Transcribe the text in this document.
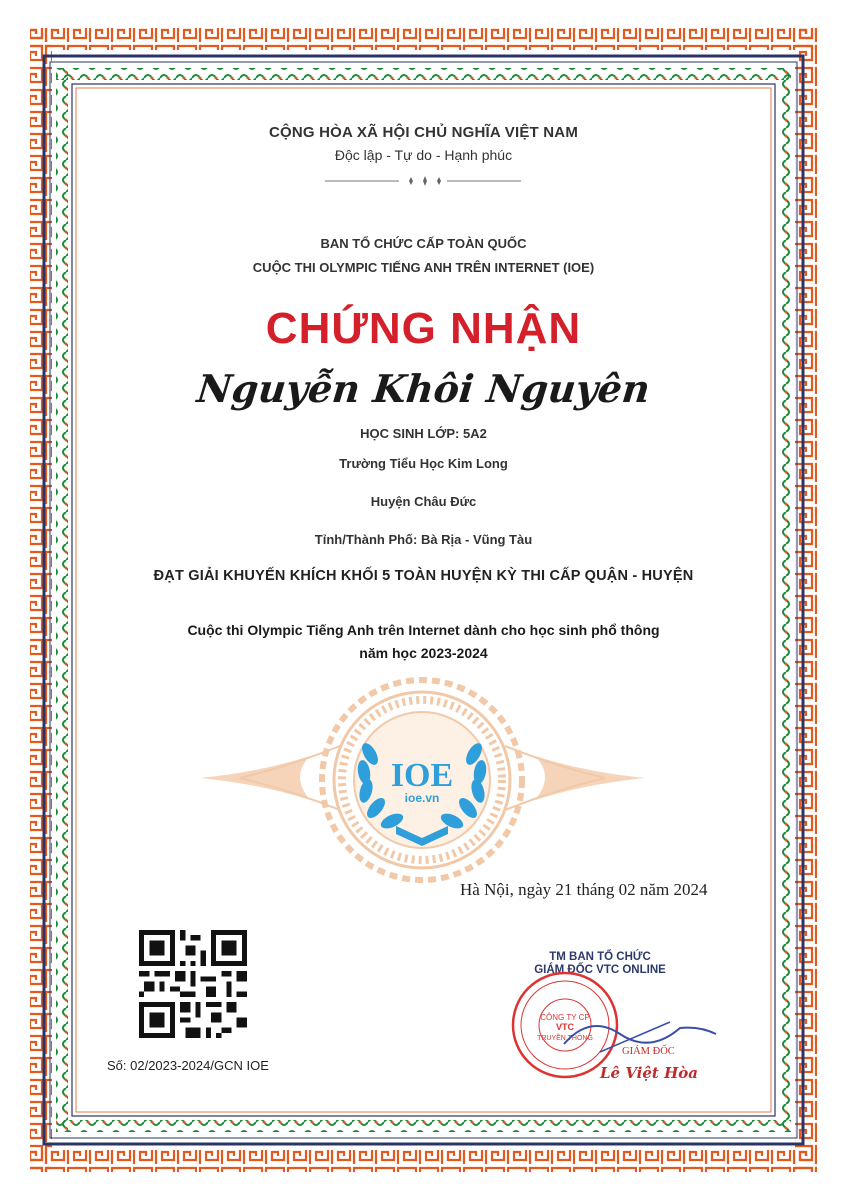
CỘNG HÒA XÃ HỘI CHỦ NGHĨA VIỆT NAM
Độc lập - Tự do - Hạnh phúc
BAN TỔ CHỨC CẤP TOÀN QUỐC
CUỘC THI OLYMPIC TIẾNG ANH TRÊN INTERNET (IOE)
CHỨNG NHẬN
Nguyễn Khôi Nguyên
HỌC SINH LỚP: 5A2
Trường Tiểu Học Kim Long
Huyện Châu Đức
Tỉnh/Thành Phố: Bà Rịa - Vũng Tàu
ĐẠT GIẢI KHUYẾN KHÍCH KHỐI 5 TOÀN HUYỆN KỲ THI CẤP QUẬN - HUYỆN
Cuộc thi Olympic Tiếng Anh trên Internet dành cho học sinh phổ thông
năm học 2023-2024
IOE
ioe.vn
Hà Nội, ngày 21 tháng 02 năm 2024
Số: 02/2023-2024/GCN IOE
TM BAN TỔ CHỨC
GIÁM ĐỐC VTC ONLINE
CÔNG TY CP
VTC
TRUYỀN THÔNG
GIÁM ĐỐC
Lê Việt Hòa
